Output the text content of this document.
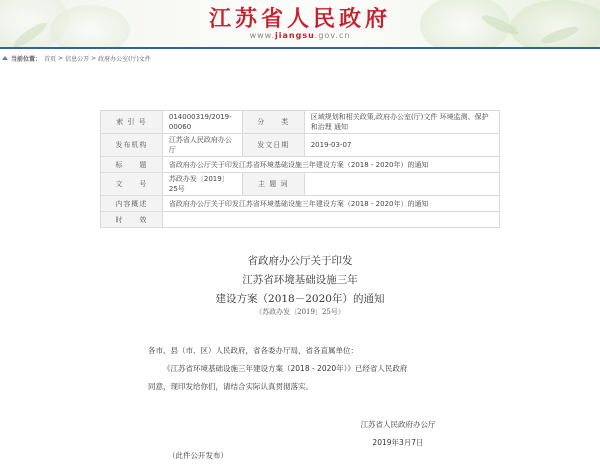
江苏省人民政府
www.jiangsu.gov.cn
当前位置： 首页 > 信息公开 > 政府办公室(厅)文件
索 引 号	014000319/2019-00060	分　　类	区域规划和相关政策,政府办公室(厅)文件 环境监测、保护和治理 通知
发布机构	江苏省人民政府办公厅	发文日期	2019-03-07
标　　题	省政府办公厅关于印发江苏省环境基础设施三年建设方案（2018 - 2020年）的通知		
文　　号	苏政办发〔2019〕25号	主 题 词	
内容概述	省政府办公厅关于印发江苏省环境基础设施三年建设方案（2018 - 2020年）的通知		
时　　效			
省政府办公厅关于印发
江苏省环境基础设施三年
建设方案（2018－2020年）的通知
（苏政办发〔2019〕25号）
各市、县（市、区）人民政府，省各委办厅局，省各直属单位：
《江苏省环境基础设施三年建设方案（2018 - 2020年）》已经省人民政府
同意，现印发给你们，请结合实际认真贯彻落实。
江苏省人民政府办公厅
2019年3月7日
（此件公开发布）
